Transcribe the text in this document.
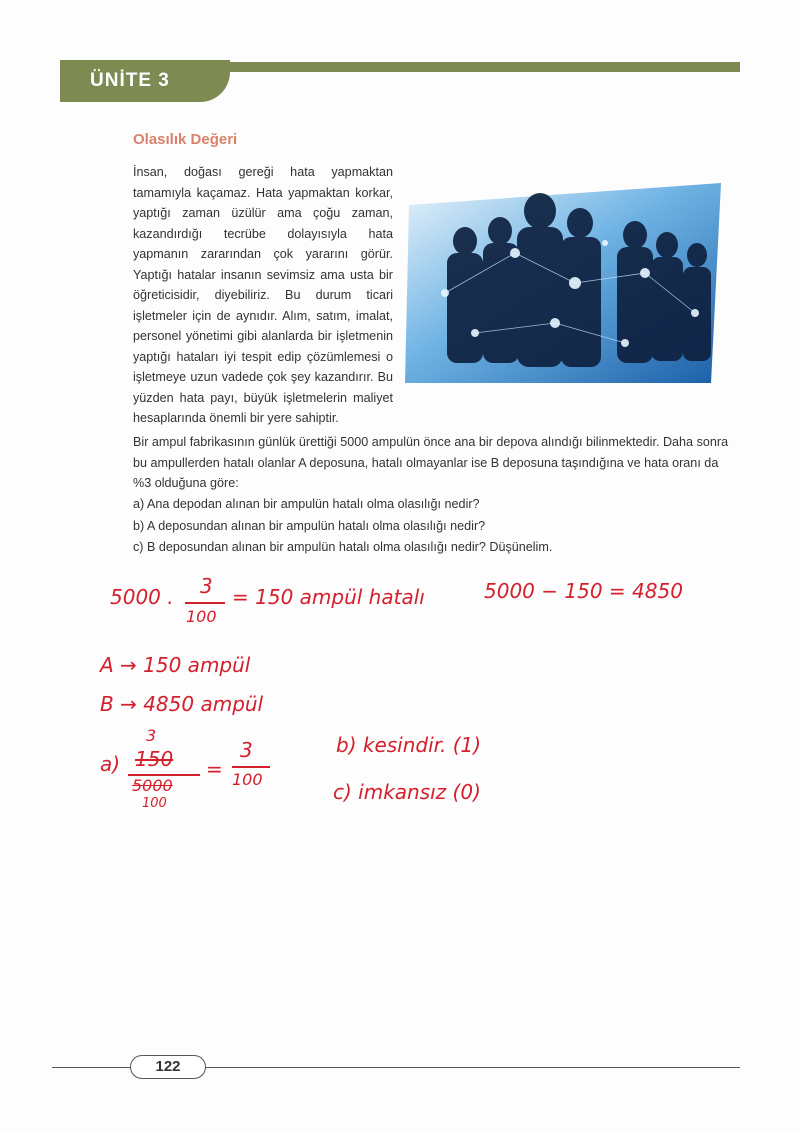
ÜNİTE 3
Olasılık Değeri
İnsan, doğası gereği hata yapmaktan tamamıyla kaçamaz. Hata yapmaktan korkar, yaptığı zaman üzülür ama çoğu zaman, kazandırdığı tecrübe dolayısıyla hata yapmanın zararından çok yararını görür. Yaptığı hatalar insanın sevimsiz ama usta bir öğreticisidir, diyebiliriz. Bu durum ticari işletmeler için de aynıdır. Alım, satım, imalat, personel yönetimi gibi alanlarda bir işletmenin yaptığı hataları iyi tespit edip çözümlemesi o işletmeye uzun vadede çok şey kazandırır. Bu yüzden hata payı, büyük işletmelerin maliyet hesaplarında önemli bir yere sahiptir.
Bir ampul fabrikasının günlük ürettiği 5000 ampulün önce ana bir depova alındığı bilinmektedir. Daha sonra bu ampullerden hatalı olanlar A deposuna, hatalı olmayanlar ise B deposuna taşındığına ve hata oranı da %3 olduğuna göre:
a) Ana depodan alınan bir ampulün hatalı olma olasılığı nedir?
b) A deposundan alınan bir ampulün hatalı olma olasılığı nedir?
c) B deposundan alınan bir ampulün hatalı olma olasılığı nedir? Düşünelim.
5000 . 3
100
= 150 ampül hatalı	5000 − 150 = 4850
A → 150 ampül
B → 4850 ampül
a)
3
150
5000
100
=
3
100
b) kesindir. (1)
c) imkansız (0)
122
